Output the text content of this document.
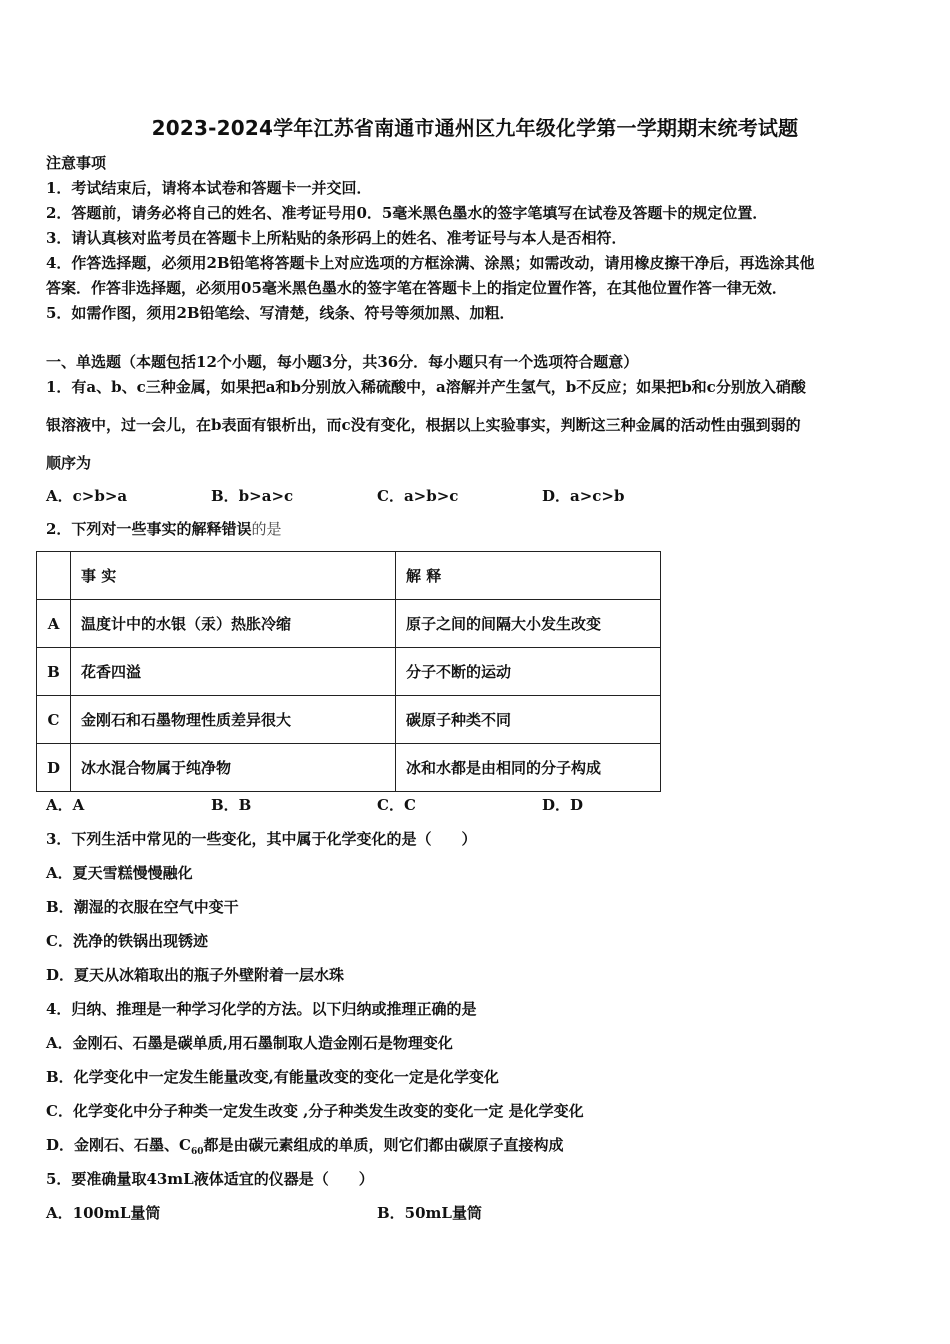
2023-2024学年江苏省南通市通州区九年级化学第一学期期末统考试题
注意事项
1．考试结束后，请将本试卷和答题卡一并交回．
2．答题前，请务必将自己的姓名、准考证号用0．5毫米黑色墨水的签字笔填写在试卷及答题卡的规定位置．
3．请认真核对监考员在答题卡上所粘贴的条形码上的姓名、准考证号与本人是否相符．
4．作答选择题，必须用2B铅笔将答题卡上对应选项的方框涂满、涂黑；如需改动，请用橡皮擦干净后，再选涂其他
答案．作答非选择题，必须用05毫米黑色墨水的签字笔在答题卡上的指定位置作答，在其他位置作答一律无效．
5．如需作图，须用2B铅笔绘、写清楚，线条、符号等须加黑、加粗．
一、单选题（本题包括12个小题，每小题3分，共36分．每小题只有一个选项符合题意）
1．有a、b、c三种金属，如果把a和b分别放入稀硫酸中，a溶解并产生氢气，b不反应；如果把b和c分别放入硝酸
银溶液中，过一会儿，在b表面有银析出，而c没有变化，根据以上实验事实，判断这三种金属的活动性由强到弱的
顺序为
A．c>b>a	B．b>a>c	C．a>b>c	D．a>c>b
2．下列对一些事实的解释错误的是
	事 实	解 释
A	温度计中的水银（汞）热胀冷缩	原子之间的间隔大小发生改变
B	花香四溢	分子不断的运动
C	金刚石和石墨物理性质差异很大	碳原子种类不同
D	冰水混合物属于纯净物	冰和水都是由相同的分子构成
A．A	B．B	C．C	D．D
3．下列生活中常见的一些变化，其中属于化学变化的是（　　）
A．夏天雪糕慢慢融化
B．潮湿的衣服在空气中变干
C．洗净的铁锅出现锈迹
D．夏天从冰箱取出的瓶子外壁附着一层水珠
4．归纳、推理是一种学习化学的方法。以下归纳或推理正确的是
A．金刚石、石墨是碳单质,用石墨制取人造金刚石是物理变化
B．化学变化中一定发生能量改变,有能量改变的变化一定是化学变化
C．化学变化中分子种类一定发生改变 ,分子种类发生改变的变化一定 是化学变化
D．金刚石、石墨、$C_{60}$都是由碳元素组成的单质，则它们都由碳原子直接构成
5．要准确量取43mL液体适宜的仪器是（　　）
A．100mL量筒	B．50mL量筒
